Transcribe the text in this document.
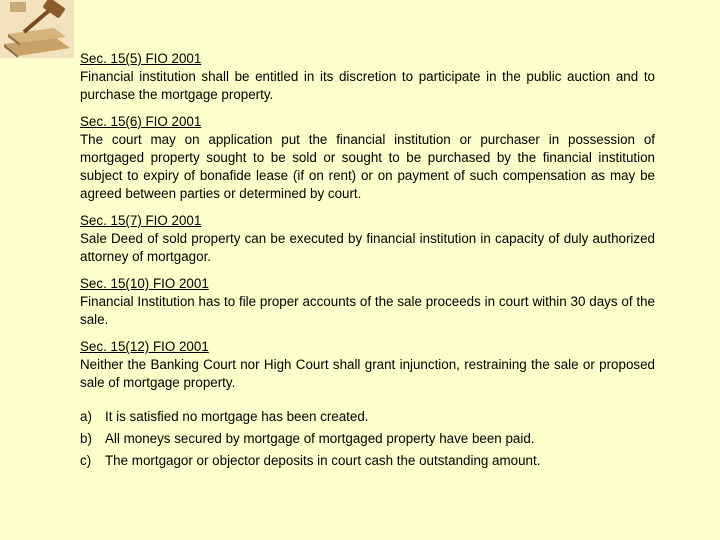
Sec. 15(5) FIO 2001
Financial institution shall be entitled in its discretion to participate in the public auction and to purchase the mortgage property.
Sec. 15(6) FIO 2001
The court may on application put the financial institution or purchaser in possession of mortgaged property sought to be sold or sought to be purchased by the financial institution subject to expiry of bonafide lease (if on rent) or on payment of such compensation as may be agreed between parties or determined by court.
Sec. 15(7) FIO 2001
Sale Deed of sold property can be executed by financial institution in capacity of duly authorized attorney of mortgagor.
Sec. 15(10) FIO 2001
Financial Institution has to file proper accounts of the sale proceeds in court within 30 days of the sale.
Sec. 15(12) FIO 2001
Neither the Banking Court nor High Court shall grant injunction, restraining the sale or proposed sale of mortgage property.
a) It is satisfied no mortgage has been created.
b) All moneys secured by mortgage of mortgaged property have been paid.
c)	The mortgagor or objector deposits in court cash the outstanding amount.
